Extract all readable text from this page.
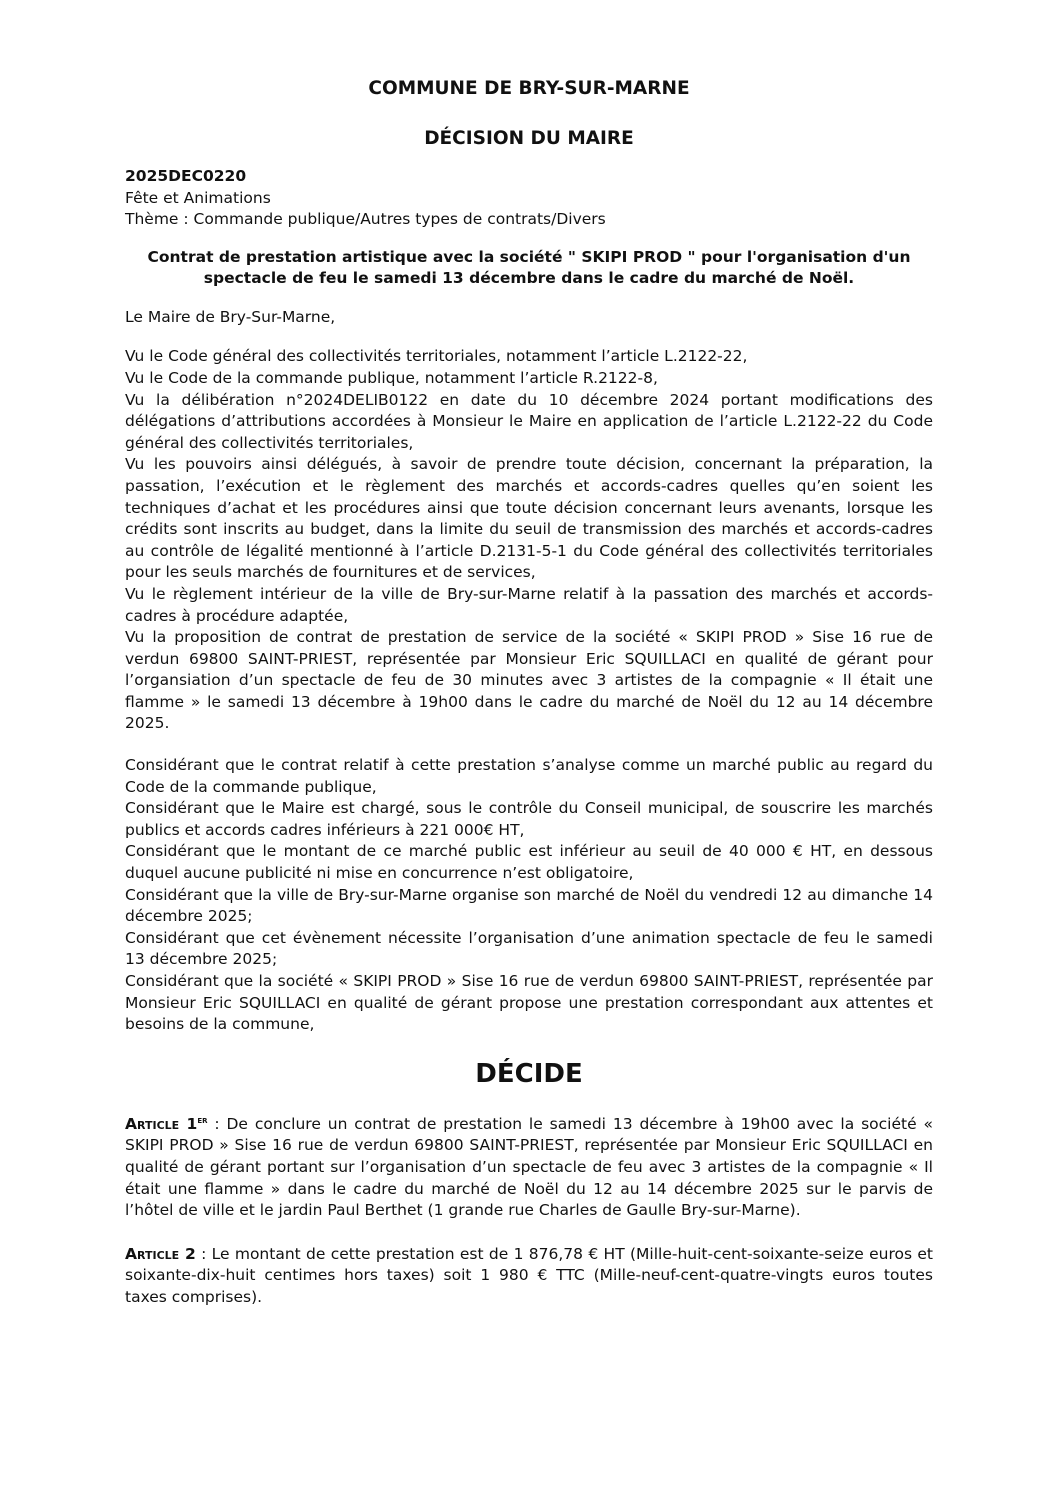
COMMUNE DE BRY-SUR-MARNE

DÉCISION DU MAIRE

2025DEC0220
Fête et Animations
Thème : Commande publique/Autres types de contrats/Divers
Contrat de prestation artistique avec la société " SKIPI PROD " pour l'organisation d'un
spectacle de feu le samedi 13 décembre dans le cadre du marché de Noël.
Le Maire de Bry-Sur-Marne,
Vu le Code général des collectivités territoriales, notamment l’article L.2122-22,
Vu le Code de la commande publique, notamment l’article R.2122-8,
Vu la délibération n°2024DELIB0122 en date du 10 décembre 2024 portant modifications des délégations d’attributions accordées à Monsieur le Maire en application de l’article L.2122-22 du Code général des collectivités territoriales,
Vu les pouvoirs ainsi délégués, à savoir de prendre toute décision, concernant la préparation, la passation, l’exécution et le règlement des marchés et accords-cadres quelles qu’en soient les techniques d’achat et les procédures ainsi que toute décision concernant leurs avenants, lorsque les crédits sont inscrits au budget, dans la limite du seuil de transmission des marchés et accords-cadres au contrôle de légalité mentionné à l’article D.2131-5-1 du Code général des collectivités territoriales pour les seuls marchés de fournitures et de services,
Vu le règlement intérieur de la ville de Bry-sur-Marne relatif à la passation des marchés et accords-cadres à procédure adaptée,
Vu la proposition de contrat de prestation de service de la société « SKIPI PROD » Sise 16 rue de verdun 69800 SAINT-PRIEST, représentée par Monsieur Eric SQUILLACI en qualité de gérant pour l’organsiation d’un spectacle de feu de 30 minutes avec 3 artistes de la compagnie « Il était une flamme » le samedi 13 décembre à 19h00 dans le cadre du marché de Noël du 12 au 14 décembre 2025.
Considérant que le contrat relatif à cette prestation s’analyse comme un marché public au regard du Code de la commande publique,
Considérant que le Maire est chargé, sous le contrôle du Conseil municipal, de souscrire les marchés publics et accords cadres inférieurs à 221 000€ HT,
Considérant que le montant de ce marché public est inférieur au seuil de 40 000 € HT, en dessous duquel aucune publicité ni mise en concurrence n’est obligatoire,
Considérant que la ville de Bry-sur-Marne organise son marché de Noël du vendredi 12 au dimanche 14 décembre 2025;
Considérant que cet évènement nécessite l’organisation d’une animation spectacle de feu le samedi 13 décembre 2025;
Considérant que la société « SKIPI PROD » Sise 16 rue de verdun 69800 SAINT-PRIEST, représentée par Monsieur Eric SQUILLACI en qualité de gérant propose une prestation correspondant aux attentes et besoins de la commune,
DÉCIDE
Article 1er : De conclure un contrat de prestation le samedi 13 décembre à 19h00 avec la société « SKIPI PROD » Sise 16 rue de verdun 69800 SAINT-PRIEST, représentée par Monsieur Eric SQUILLACI en qualité de gérant portant sur l’organisation d’un spectacle de feu avec 3 artistes de la compagnie « Il était une flamme » dans le cadre du marché de Noël du 12 au 14 décembre 2025 sur le parvis de l’hôtel de ville et le jardin Paul Berthet (1 grande rue Charles de Gaulle Bry-sur-Marne).
Article 2 : Le montant de cette prestation est de 1 876,78 € HT (Mille-huit-cent-soixante-seize euros et soixante-dix-huit centimes hors taxes) soit 1 980 € TTC (Mille-neuf-cent-quatre-vingts euros toutes taxes comprises).
